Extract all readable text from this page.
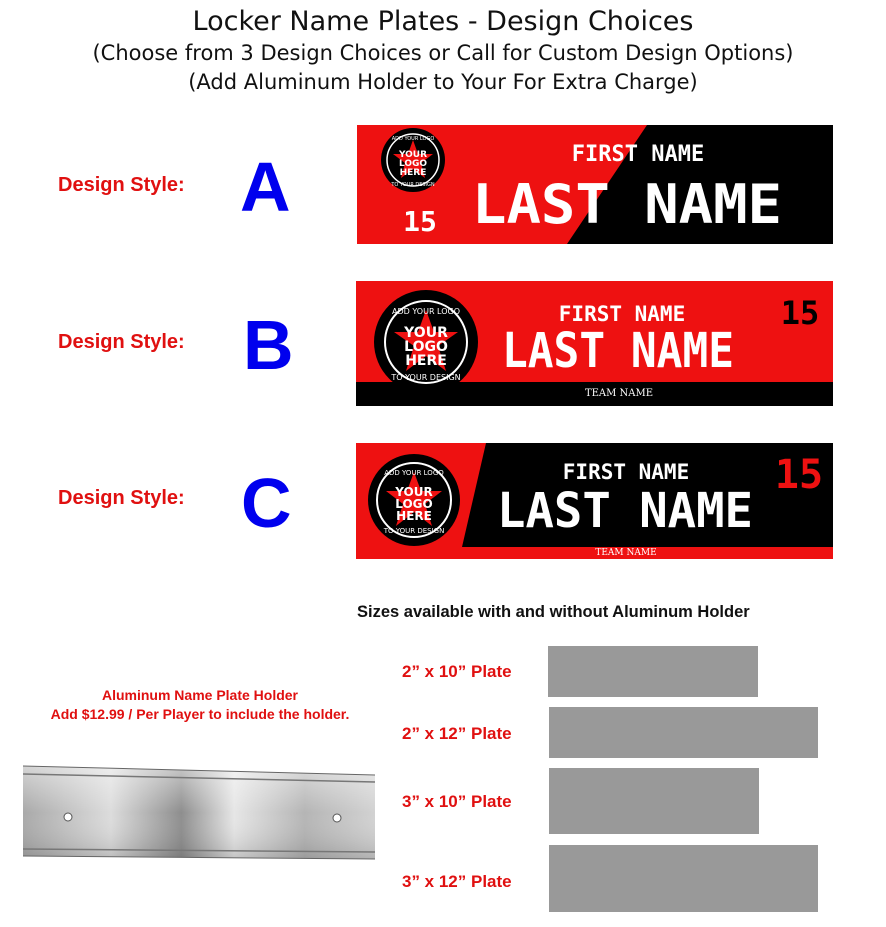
Locker Name Plates - Design Choices
(Choose from 3 Design Choices or Call for Custom Design Options)
(Add Aluminum Holder to Your For Extra Charge)
Design Style: A	YOUR
LOGO
HERE
ADD YOUR LOGO
TO YOUR DESIGN
FIRST NAME
LAST NAME
15
Design Style: B	YOUR
LOGO
HERE
ADD YOUR LOGO
TO YOUR DESIGN
FIRST NAME
LAST NAME
15
TEAM NAME
Design Style: C	YOUR
LOGO
HERE
ADD YOUR LOGO
TO YOUR DESIGN
FIRST NAME
LAST NAME
15
TEAM NAME
Sizes available with and without Aluminum Holder
2” x 10” Plate
2” x 12” Plate
3” x 10” Plate
3” x 12” Plate
Aluminum Name Plate Holder
Add $12.99 / Per Player to include the holder.
